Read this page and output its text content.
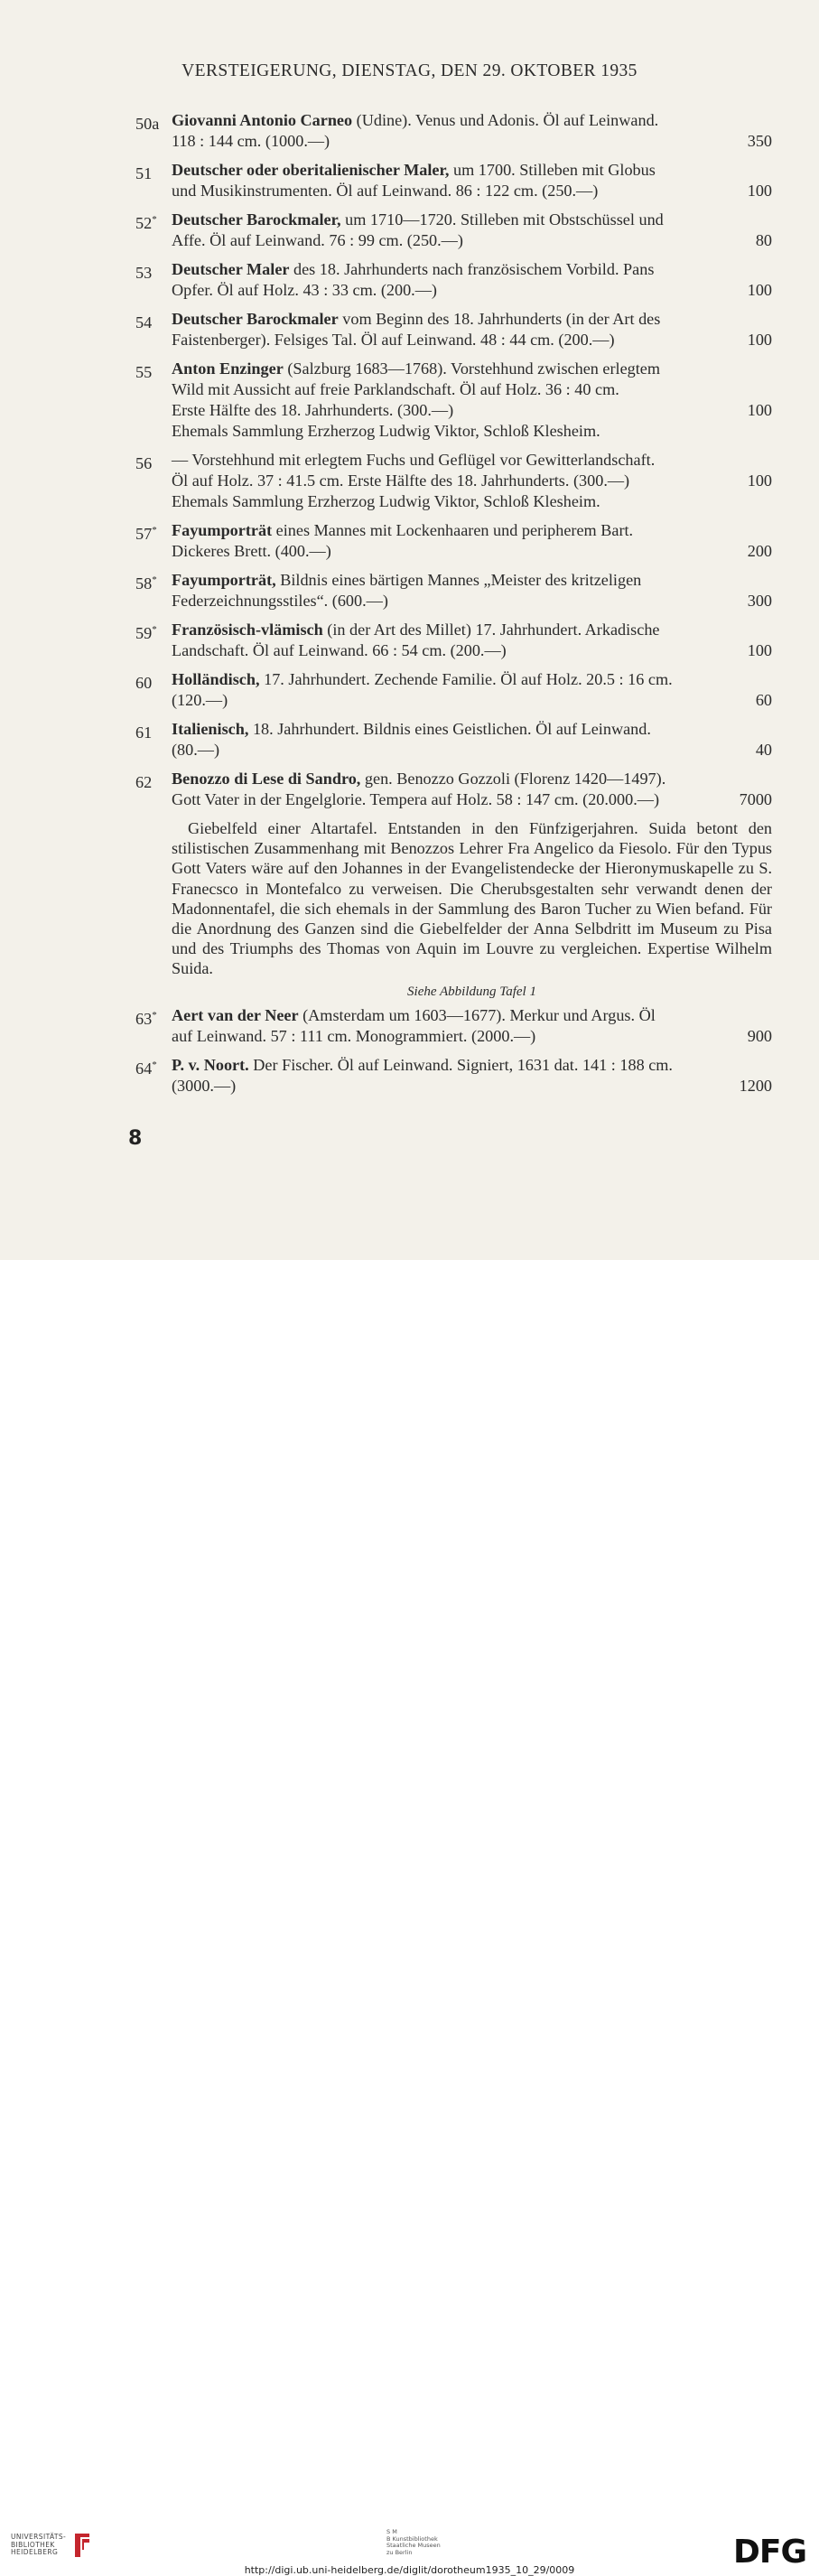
VERSTEIGERUNG, DIENSTAG, DEN 29. OKTOBER 1935
50a Giovanni Antonio Carneo (Udine). Venus und Adonis. Öl auf Leinwand.
118 : 144 cm. (1000.—)	350
51 Deutscher oder oberitalienischer Maler, um 1700. Stilleben mit Globus
und Musikinstrumenten. Öl auf Leinwand. 86 : 122 cm. (250.—)	100
52* Deutscher Barockmaler, um 1710—1720. Stilleben mit Obstschüssel und
Affe. Öl auf Leinwand. 76 : 99 cm. (250.—)	80
53 Deutscher Maler des 18. Jahrhunderts nach französischem Vorbild. Pans
Opfer. Öl auf Holz. 43 : 33 cm. (200.—)	100
54 Deutscher Barockmaler vom Beginn des 18. Jahrhunderts (in der Art des
Faistenberger). Felsiges Tal. Öl auf Leinwand. 48 : 44 cm. (200.—)	100
55 Anton Enzinger (Salzburg 1683—1768). Vorstehhund zwischen erlegtem
Wild mit Aussicht auf freie Parklandschaft. Öl auf Holz. 36 : 40 cm.
Erste Hälfte des 18. Jahrhunderts. (300.—)	100
Ehemals Sammlung Erzherzog Ludwig Viktor, Schloß Klesheim.
56 — Vorstehhund mit erlegtem Fuchs und Geflügel vor Gewitterlandschaft.
Öl auf Holz. 37 : 41.5 cm. Erste Hälfte des 18. Jahrhunderts. (300.—)	100
Ehemals Sammlung Erzherzog Ludwig Viktor, Schloß Klesheim.
57* Fayumporträt eines Mannes mit Lockenhaaren und peripherem Bart.
Dickeres Brett. (400.—)	200
58* Fayumporträt, Bildnis eines bärtigen Mannes „Meister des kritzeligen
Federzeichnungsstiles“. (600.—)	300
59* Französisch-vlämisch (in der Art des Millet) 17. Jahrhundert. Arkadische
Landschaft. Öl auf Leinwand. 66 : 54 cm. (200.—)	100
60 Holländisch, 17. Jahrhundert. Zechende Familie. Öl auf Holz. 20.5 : 16 cm.
(120.—)	60
61 Italienisch, 18. Jahrhundert. Bildnis eines Geistlichen. Öl auf Leinwand.
(80.—)	40
62 Benozzo di Lese di Sandro, gen. Benozzo Gozzoli (Florenz 1420—1497).
Gott Vater in der Engelglorie. Tempera auf Holz. 58 : 147 cm. (20.000.—)	7000
Giebelfeld einer Altartafel. Entstanden in den Fünfzigerjahren. Suida betont den stilistischen Zusammenhang mit Benozzos Lehrer Fra Angelico da Fiesolo. Für den Typus Gott Vaters wäre auf den Johannes in der Evangelistendecke der Hieronymuskapelle zu S. Franecsco in Montefalco zu verweisen. Die Cherubsgestalten sehr verwandt denen der Madonnentafel, die sich ehemals in der Sammlung des Baron Tucher zu Wien befand. Für die Anordnung des Ganzen sind die Giebelfelder der Anna Selbdritt im Museum zu Pisa und des Triumphs des Thomas von Aquin im Louvre zu vergleichen. Expertise Wilhelm Suida.
Siehe Abbildung Tafel 1
63* Aert van der Neer (Amsterdam um 1603—1677). Merkur und Argus. Öl
auf Leinwand. 57 : 111 cm. Monogrammiert. (2000.—)	900
64* P. v. Noort. Der Fischer. Öl auf Leinwand. Signiert, 1631 dat. 141 : 188 cm.
(3000.—)	1200
8
UNIVERSITÄTS-
BIBLIOTHEK
HEIDELBERG
S M
B Kunstbibliothek
Staatliche Museen
zu Berlin	DFG
http://digi.ub.uni-heidelberg.de/diglit/dorotheum1935_10_29/0009
